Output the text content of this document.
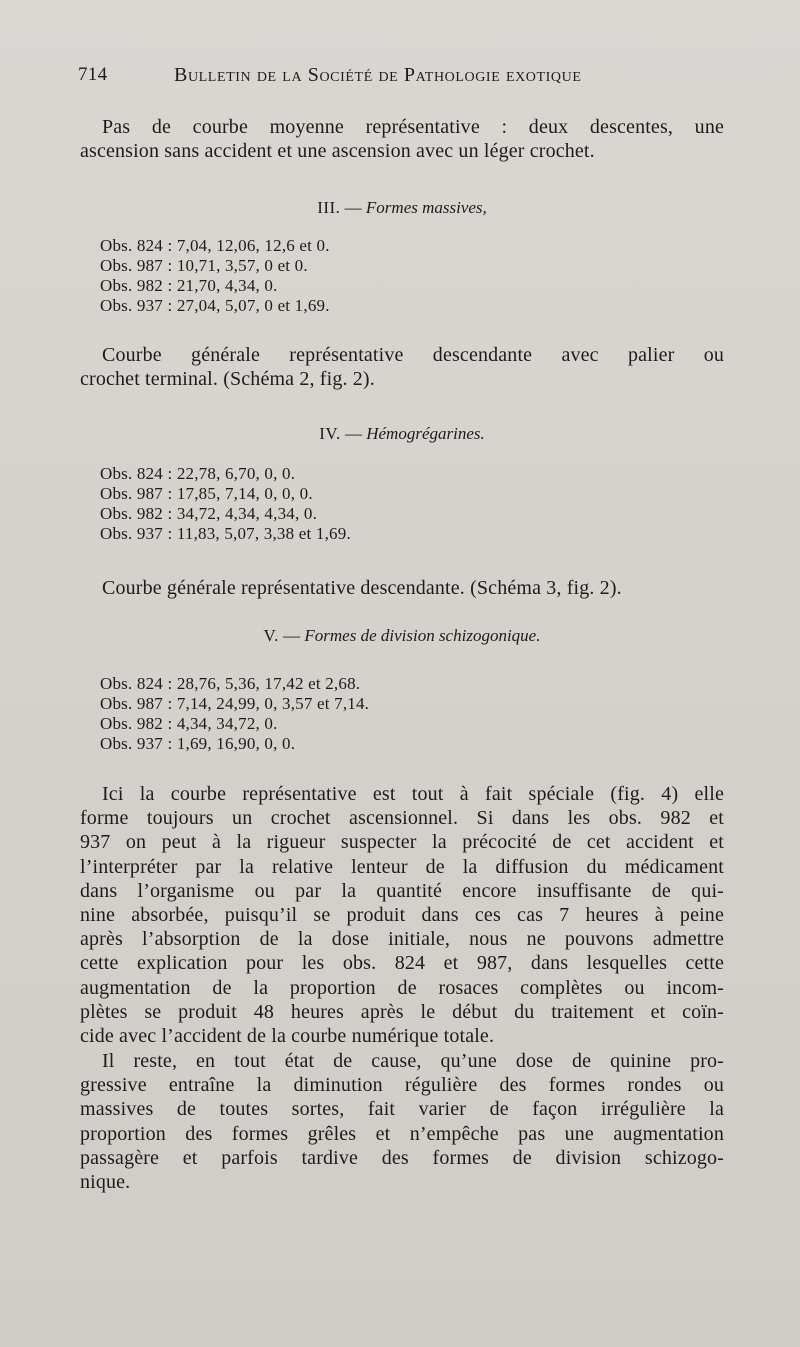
714	Bulletin de la Société de Pathologie exotique
Pas de courbe moyenne représentative : deux descentes, une
ascension sans accident et une ascension avec un léger crochet.
III. — Formes massives,
Obs. 824 : 7,04, 12,06, 12,6 et 0.
Obs. 987 : 10,71, 3,57, 0 et 0.
Obs. 982 : 21,70, 4,34, 0.
Obs. 937 : 27,04, 5,07, 0 et 1,69.
Courbe générale représentative descendante avec palier ou
crochet terminal. (Schéma 2, fig. 2).
IV. — Hémogrégarines.
Obs. 824 : 22,78, 6,70, 0, 0.
Obs. 987 : 17,85, 7,14, 0, 0, 0.
Obs. 982 : 34,72, 4,34, 4,34, 0.
Obs. 937 : 11,83, 5,07, 3,38 et 1,69.
Courbe générale représentative descendante. (Schéma 3, fig. 2).
V. — Formes de division schizogonique.
Obs. 824 : 28,76, 5,36, 17,42 et 2,68.
Obs. 987 : 7,14, 24,99, 0, 3,57 et 7,14.
Obs. 982 : 4,34, 34,72, 0.
Obs. 937 : 1,69, 16,90, 0, 0.
Ici la courbe représentative est tout à fait spéciale (fig. 4) elle
forme toujours un crochet ascensionnel. Si dans les obs. 982 et
937 on peut à la rigueur suspecter la précocité de cet accident et
l’interpréter par la relative lenteur de la diffusion du médicament
dans l’organisme ou par la quantité encore insuffisante de qui-
nine absorbée, puisqu’il se produit dans ces cas 7 heures à peine
après l’absorption de la dose initiale, nous ne pouvons admettre
cette explication pour les obs. 824 et 987, dans lesquelles cette
augmentation de la proportion de rosaces complètes ou incom-
plètes se produit 48 heures après le début du traitement et coïn-
cide avec l’accident de la courbe numérique totale.
Il reste, en tout état de cause, qu’une dose de quinine pro-
gressive entraîne la diminution régulière des formes rondes ou
massives de toutes sortes, fait varier de façon irrégulière la
proportion des formes grêles et n’empêche pas une augmentation
passagère et parfois tardive des formes de division schizogo-
nique.
